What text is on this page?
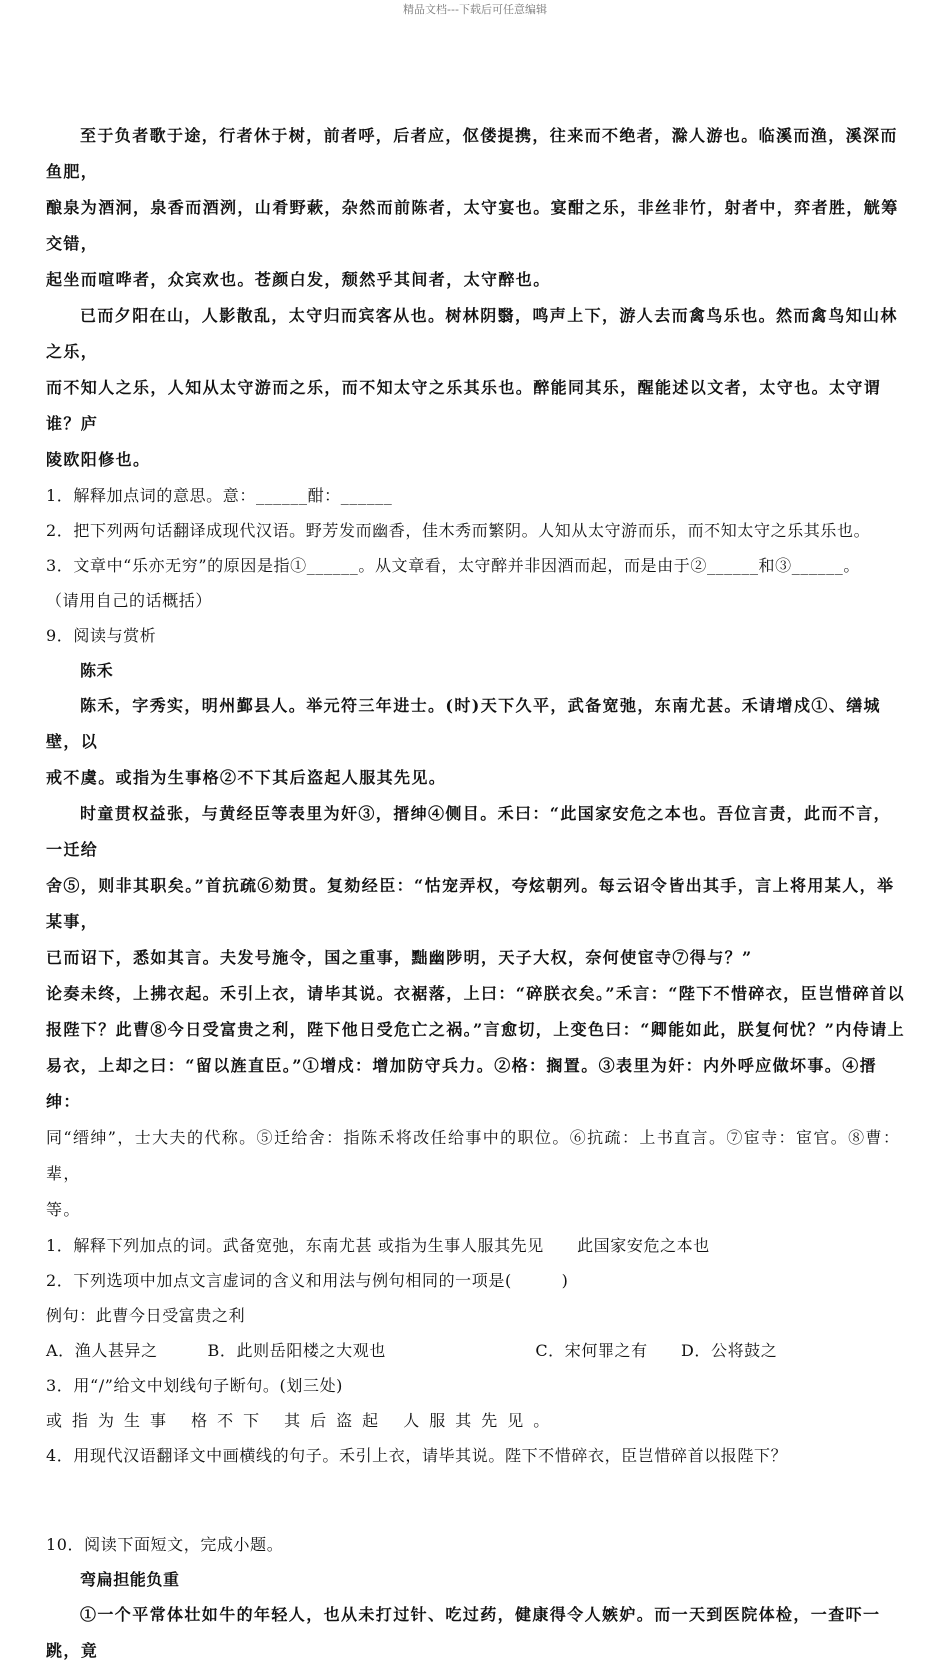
精品文档---下载后可任意编辑

至于负者歌于途，行者休于树，前者呼，后者应，伛偻提携，往来而不绝者，滁人游也。临溪而渔，溪深而鱼肥，

酿泉为酒泂，泉香而酒洌，山肴野蔌，杂然而前陈者，太守宴也。宴酣之乐，非丝非竹，射者中，弈者胜，觥筹交错，

起坐而喧哗者，众宾欢也。苍颜白发，颓然乎其间者，太守醉也。

已而夕阳在山，人影散乱，太守归而宾客从也。树林阴翳，鸣声上下，游人去而禽鸟乐也。然而禽鸟知山林之乐，

而不知人之乐，人知从太守游而之乐，而不知太守之乐其乐也。醉能同其乐，醒能述以文者，太守也。太守谓谁？庐

陵欧阳修也。

1．解释加点词的意思。意：______酣：______

2．把下列两句话翻译成现代汉语。野芳发而幽香，佳木秀而繁阴。人知从太守游而乐，而不知太守之乐其乐也。

3．文章中“乐亦无穷”的原因是指①______。从文章看，太守醉并非因酒而起，而是由于②______和③______。

（请用自己的话概括）

9．阅读与赏析

陈禾

陈禾，字秀实，明州鄞县人。举元符三年进士。(时)天下久平，武备宽弛，东南尤甚。禾请增戍①、缮城壁，以

戒不虞。或指为生事格②不下其后盗起人服其先见。

时童贯权益张，与黄经臣等表里为奸③，搢绅④侧目。禾曰：“此国家安危之本也。吾位言责，此而不言，一迁给

舍⑤，则非其职矣。”首抗疏⑥劾贯。复劾经臣：“怙宠弄权，夸炫朝列。每云诏令皆出其手，言上将用某人，举某事，

已而诏下，悉如其言。夫发号施令，国之重事，黜幽陟明，天子大权，奈何使宦寺⑦得与？”

论奏未终，上拂衣起。禾引上衣，请毕其说。衣裾落，上曰：“碎朕衣矣。”禾言：“陛下不惜碎衣，臣岂惜碎首以

报陛下？此曹⑧今日受富贵之利，陛下他日受危亡之祸。”言愈切，上变色曰：“卿能如此，朕复何忧？”内侍请上

易衣，上却之曰：“留以旌直臣。”①增戍：增加防守兵力。②格：搁置。③表里为奸：内外呼应做坏事。④搢绅：

同“缙绅”，士大夫的代称。⑤迁给舍：指陈禾将改任给事中的职位。⑥抗疏：上书直言。⑦宦寺：宦官。⑧曹：辈，

等。

1．解释下列加点的词。武备宽弛，东南尤甚 或指为生事人服其先见　　此国家安危之本也

2．下列选项中加点文言虚词的含义和用法与例句相同的一项是(　　　)

例句：此曹今日受富贵之利

A．渔人甚异之　　　B．此则岳阳楼之大观也　　　　　　　　　C．宋何罪之有　　D．公将鼓之

3．用“/”给文中划线句子断句。(划三处)

或指为生事 格不下 其后盗起 人服其先见。

4．用现代汉语翻译文中画横线的句子。禾引上衣，请毕其说。陛下不惜碎衣，臣岂惜碎首以报陛下？

10．阅读下面短文，完成小题。

弯扁担能负重

①一个平常体壮如牛的年轻人，也从未打过针、吃过药，健康得令人嫉妒。而一天到医院体检，一查吓一跳，竟
